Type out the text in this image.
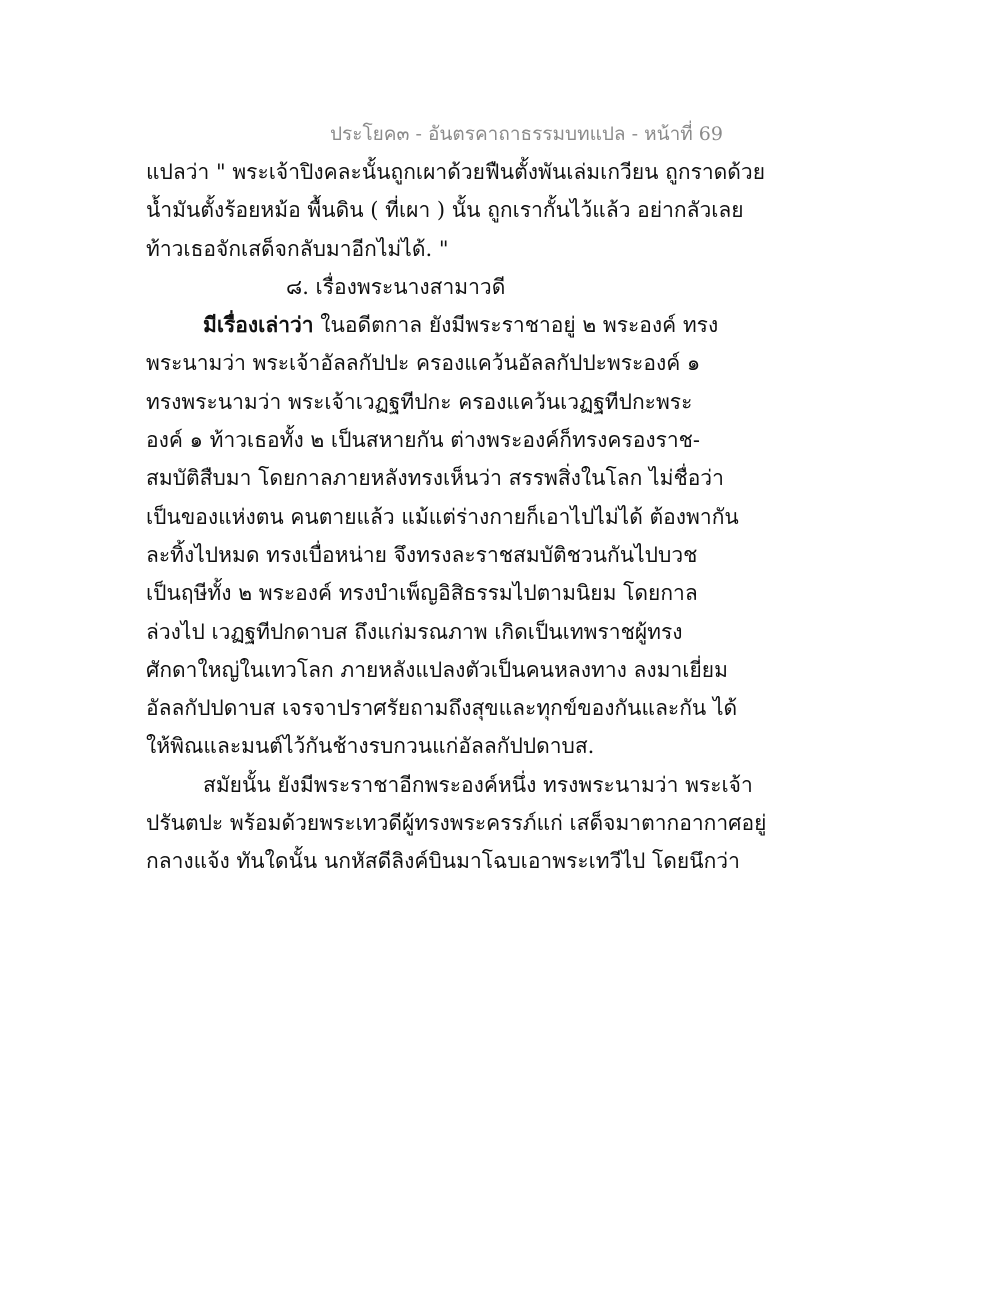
ประโยค๓ - อันตรคาถาธรรมบทแปล - หน้าที่ 69
แปลว่า " พระเจ้าปิงคละนั้นถูกเผาด้วยฟืนตั้งพันเล่มเกวียน ถูกราดด้วย
น้ำมันตั้งร้อยหม้อ พื้นดิน ( ที่เผา ) นั้น ถูกเรากั้นไว้แล้ว อย่ากลัวเลย
ท้าวเธอจักเสด็จกลับมาอีกไม่ได้. "
๘. เรื่องพระนางสามาวดี
มีเรื่องเล่าว่า ในอดีตกาล ยังมีพระราชาอยู่ ๒ พระองค์ ทรง
พระนามว่า พระเจ้าอัลลกัปปะ ครองแคว้นอัลลกัปปะพระองค์ ๑
ทรงพระนามว่า พระเจ้าเวฏฐทีปกะ ครองแคว้นเวฏฐทีปกะพระ
องค์ ๑ ท้าวเธอทั้ง ๒ เป็นสหายกัน ต่างพระองค์ก็ทรงครองราช-
สมบัติสืบมา โดยกาลภายหลังทรงเห็นว่า สรรพสิ่งในโลก ไม่ชื่อว่า
เป็นของแห่งตน คนตายแล้ว แม้แต่ร่างกายก็เอาไปไม่ได้ ต้องพากัน
ละทิ้งไปหมด ทรงเบื่อหน่าย จึงทรงละราชสมบัติชวนกันไปบวช
เป็นฤษีทั้ง ๒ พระองค์ ทรงบำเพ็ญอิสิธรรมไปตามนิยม โดยกาล
ล่วงไป เวฏฐทีปกดาบส ถึงแก่มรณภาพ เกิดเป็นเทพราชผู้ทรง
ศักดาใหญ่ในเทวโลก ภายหลังแปลงตัวเป็นคนหลงทาง ลงมาเยี่ยม
อัลลกัปปดาบส เจรจาปราศรัยถามถึงสุขและทุกข์ของกันและกัน ได้
ให้พิณและมนต์ไว้กันช้างรบกวนแก่อัลลกัปปดาบส.
สมัยนั้น ยังมีพระราชาอีกพระองค์หนึ่ง ทรงพระนามว่า พระเจ้า
ปรันตปะ พร้อมด้วยพระเทวดีผู้ทรงพระครรภ์แก่ เสด็จมาตากอากาศอยู่
กลางแจ้ง ทันใดนั้น นกหัสดีลิงค์บินมาโฉบเอาพระเทวีไป โดยนึกว่า
